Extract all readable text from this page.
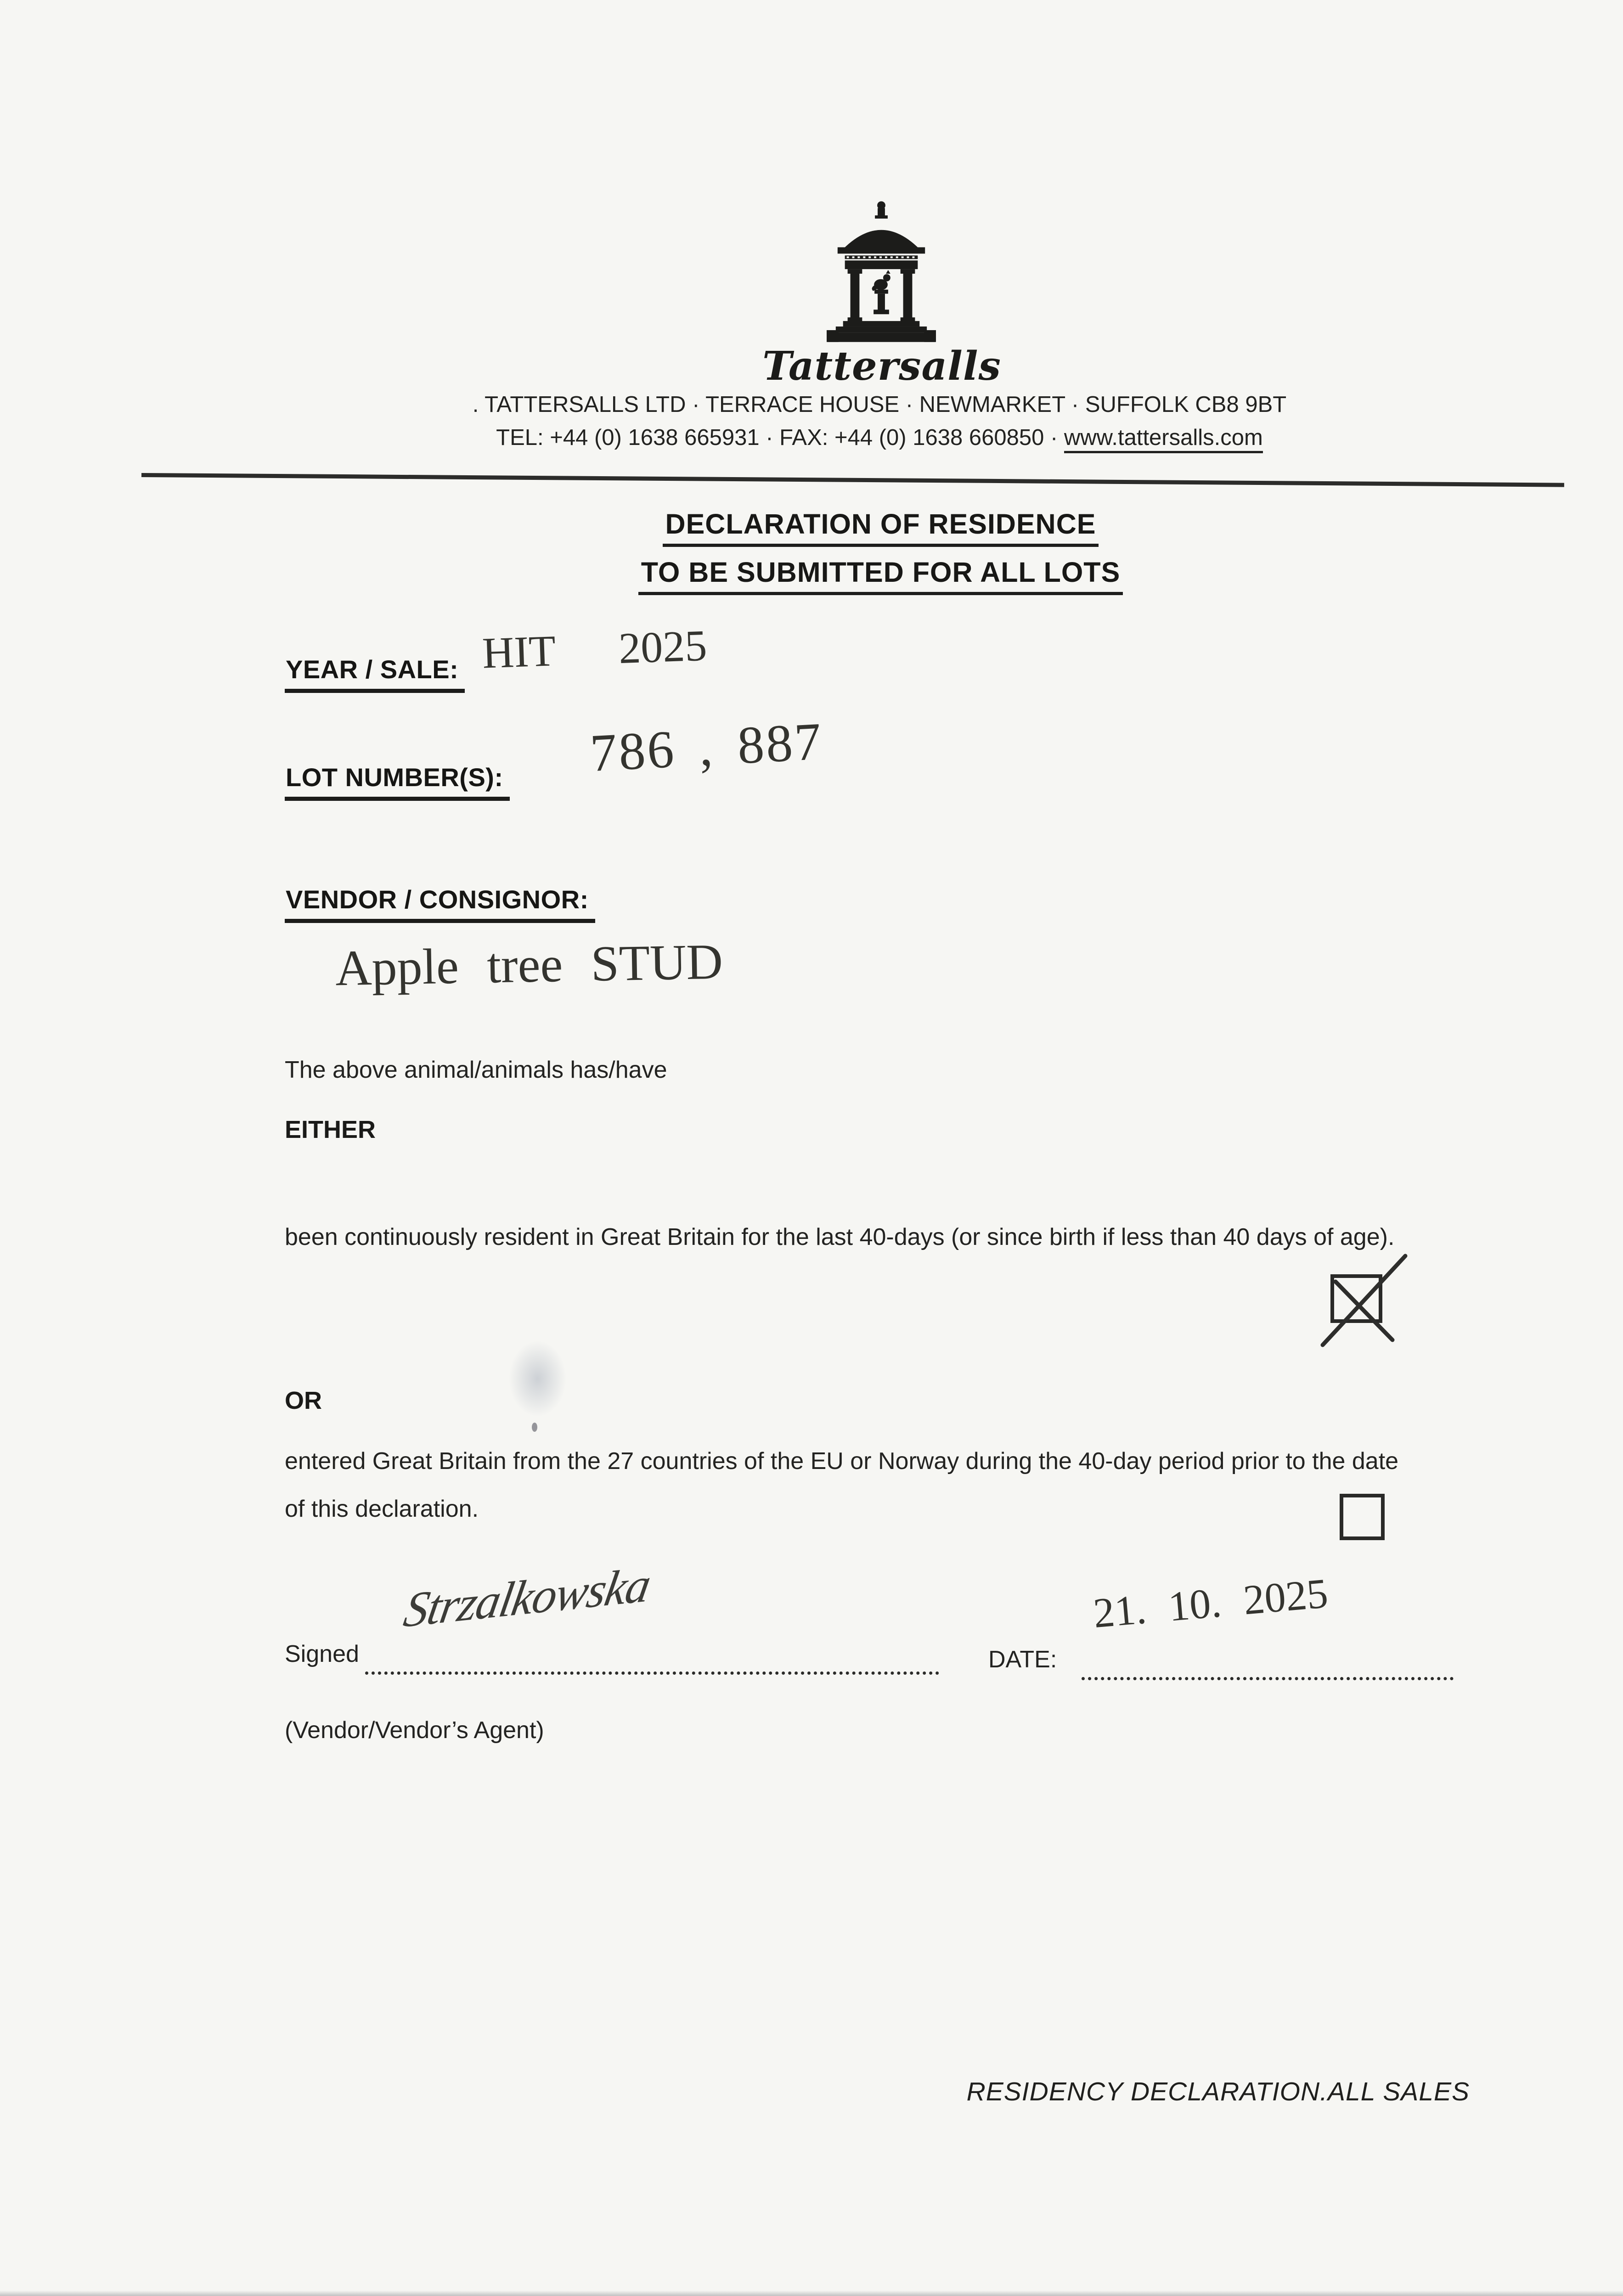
Tattersalls
. TATTERSALLS LTD · TERRACE HOUSE · NEWMARKET · SUFFOLK CB8 9BT
TEL: +44 (0) 1638 665931 · FAX: +44 (0) 1638 660850 · www.tattersalls.com
DECLARATION OF RESIDENCE
TO BE SUBMITTED FOR ALL LOTS
YEAR / SALE: HIT 2025
LOT NUMBER(S): 786 , 887
VENDOR / CONSIGNOR:
Apple tree STUD
The above animal/animals has/have
EITHER
been continuously resident in Great Britain for the last 40-days (or since birth if less than 40 days of age).
OR
entered Great Britain from the 27 countries of the EU or Norway during the 40-day period prior to the date of this declaration.
Signed
Strzalkowska
DATE:
21. 10. 2025
(Vendor/Vendor’s Agent)
RESIDENCY DECLARATION.ALL SALES
